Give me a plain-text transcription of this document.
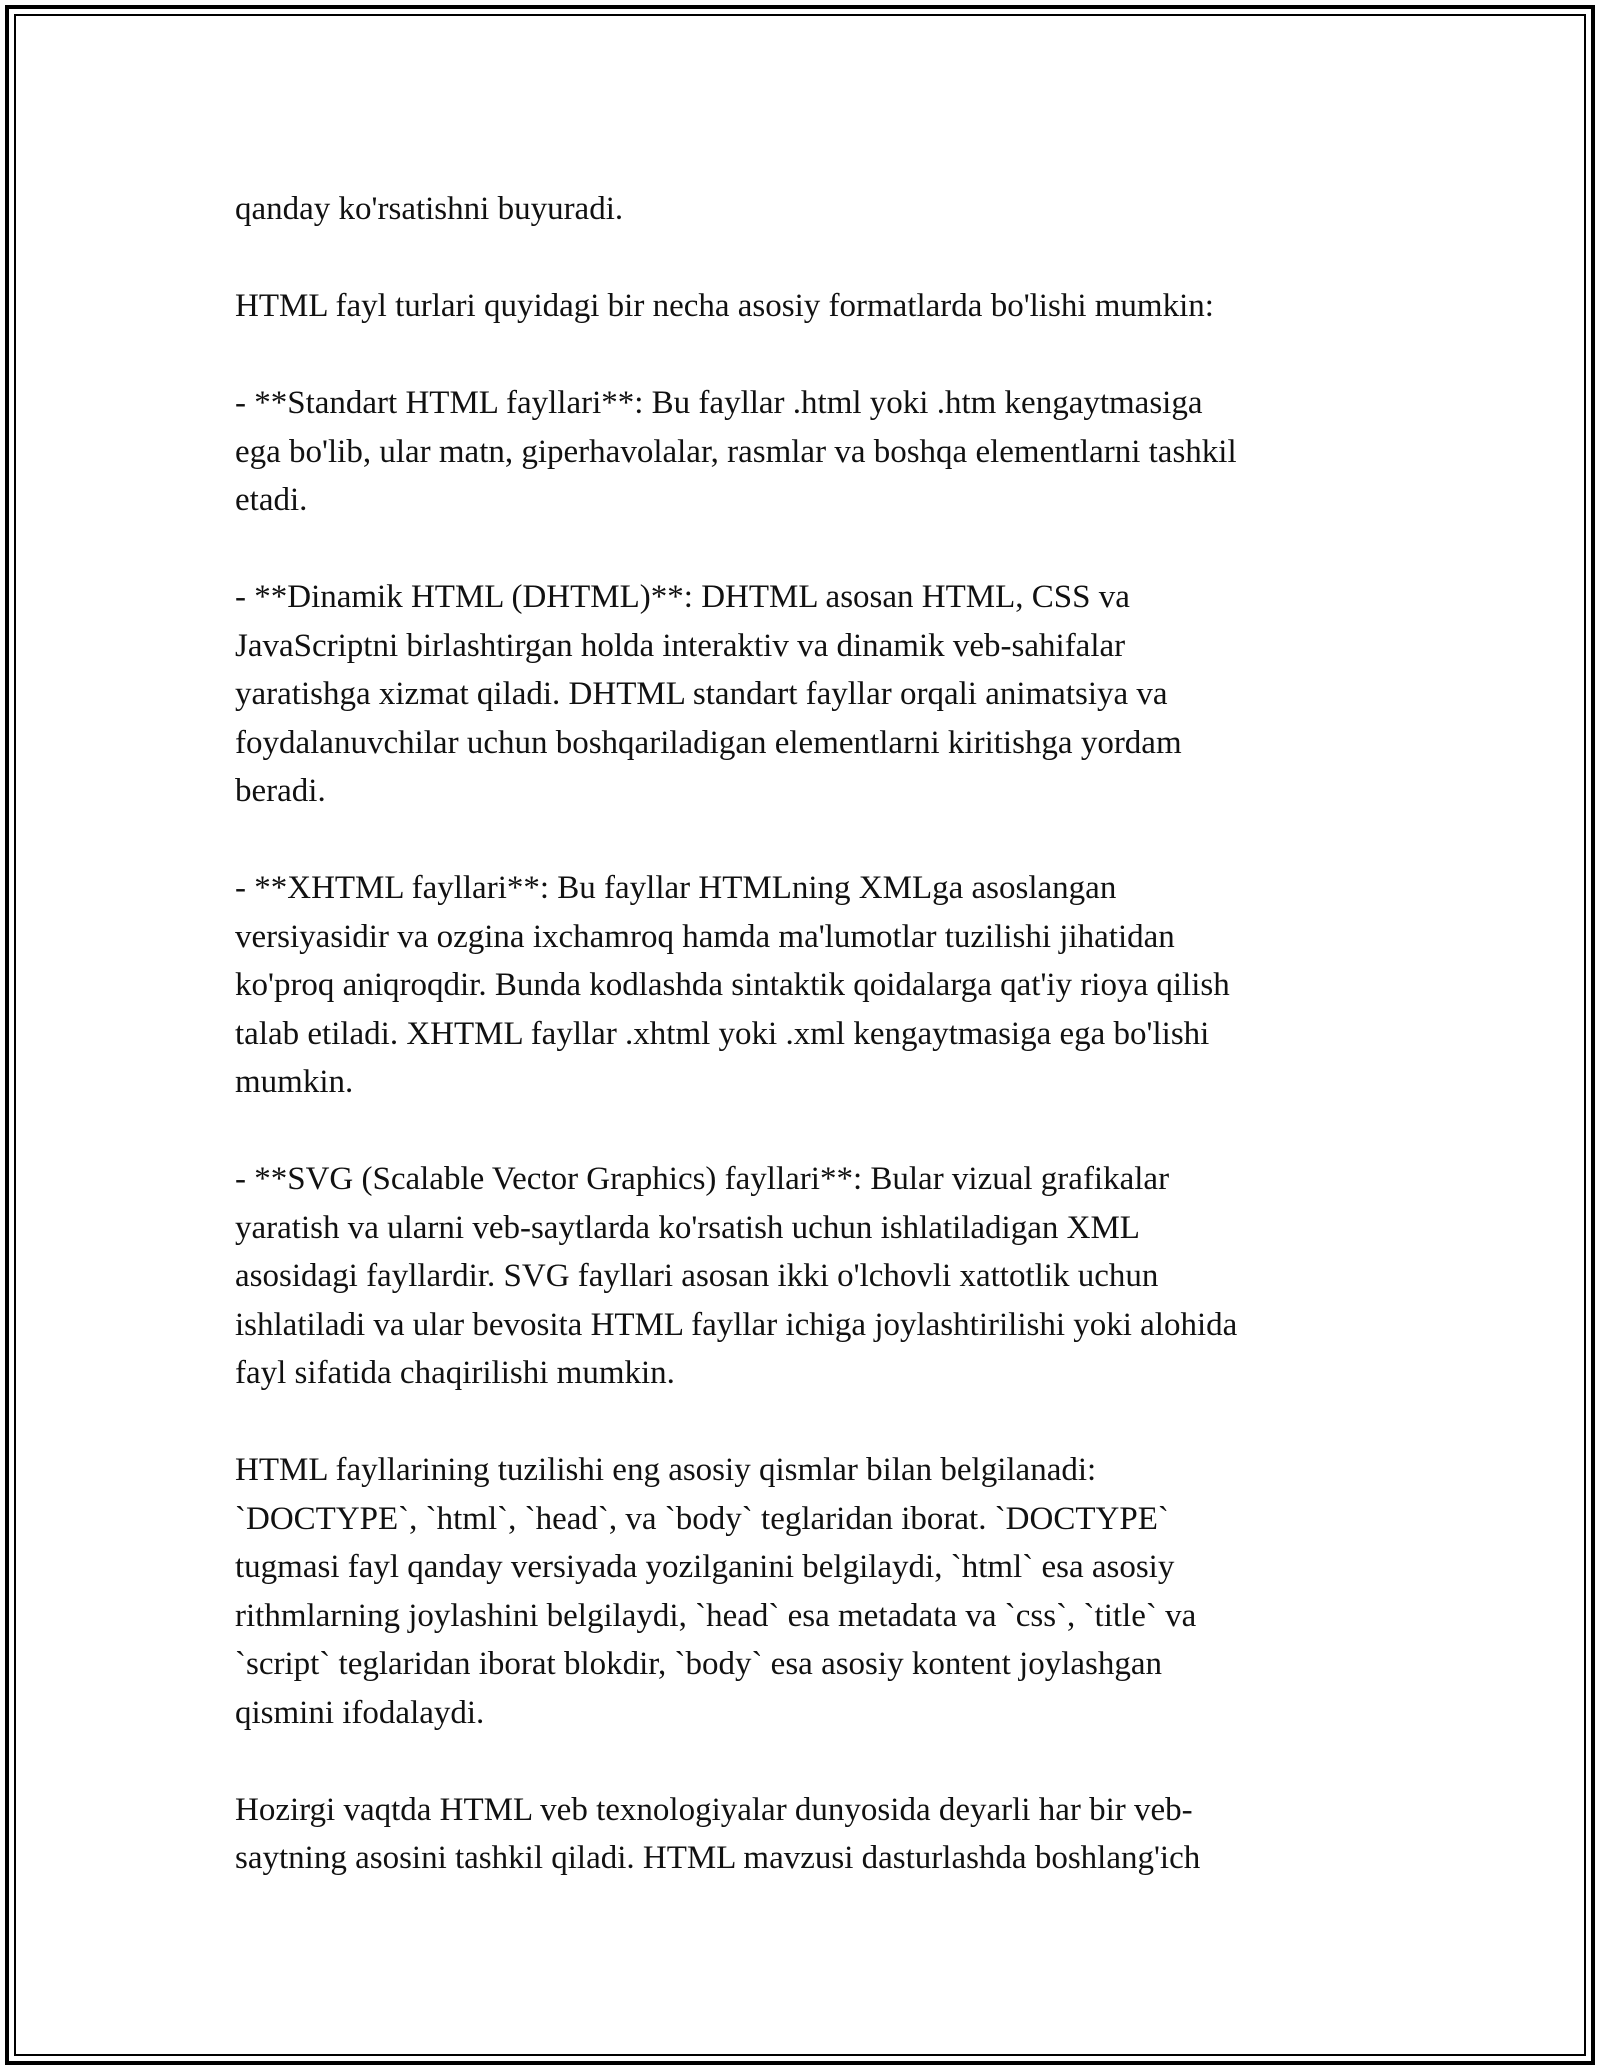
qanday ko'rsatishni buyuradi.

HTML fayl turlari quyidagi bir necha asosiy formatlarda bo'lishi mumkin:

- **Standart HTML fayllari**: Bu fayllar .html yoki .htm kengaytmasiga
ega bo'lib, ular matn, giperhavolalar, rasmlar va boshqa elementlarni tashkil
etadi.

- **Dinamik HTML (DHTML)**: DHTML asosan HTML, CSS va
JavaScriptni birlashtirgan holda interaktiv va dinamik veb-sahifalar
yaratishga xizmat qiladi. DHTML standart fayllar orqali animatsiya va
foydalanuvchilar uchun boshqariladigan elementlarni kiritishga yordam
beradi.

- **XHTML fayllari**: Bu fayllar HTMLning XMLga asoslangan
versiyasidir va ozgina ixchamroq hamda ma'lumotlar tuzilishi jihatidan
ko'proq aniqroqdir. Bunda kodlashda sintaktik qoidalarga qat'iy rioya qilish
talab etiladi. XHTML fayllar .xhtml yoki .xml kengaytmasiga ega bo'lishi
mumkin.

- **SVG (Scalable Vector Graphics) fayllari**: Bular vizual grafikalar
yaratish va ularni veb-saytlarda ko'rsatish uchun ishlatiladigan XML
asosidagi fayllardir. SVG fayllari asosan ikki o'lchovli xattotlik uchun
ishlatiladi va ular bevosita HTML fayllar ichiga joylashtirilishi yoki alohida
fayl sifatida chaqirilishi mumkin.

HTML fayllarining tuzilishi eng asosiy qismlar bilan belgilanadi:
`DOCTYPE`, `html`, `head`, va `body` teglaridan iborat. `DOCTYPE`
tugmasi fayl qanday versiyada yozilganini belgilaydi, `html` esa asosiy
rithmlarning joylashini belgilaydi, `head` esa metadata va `css`, `title` va
`script` teglaridan iborat blokdir, `body` esa asosiy kontent joylashgan
qismini ifodalaydi.

Hozirgi vaqtda HTML veb texnologiyalar dunyosida deyarli har bir veb-
saytning asosini tashkil qiladi. HTML mavzusi dasturlashda boshlang'ich
